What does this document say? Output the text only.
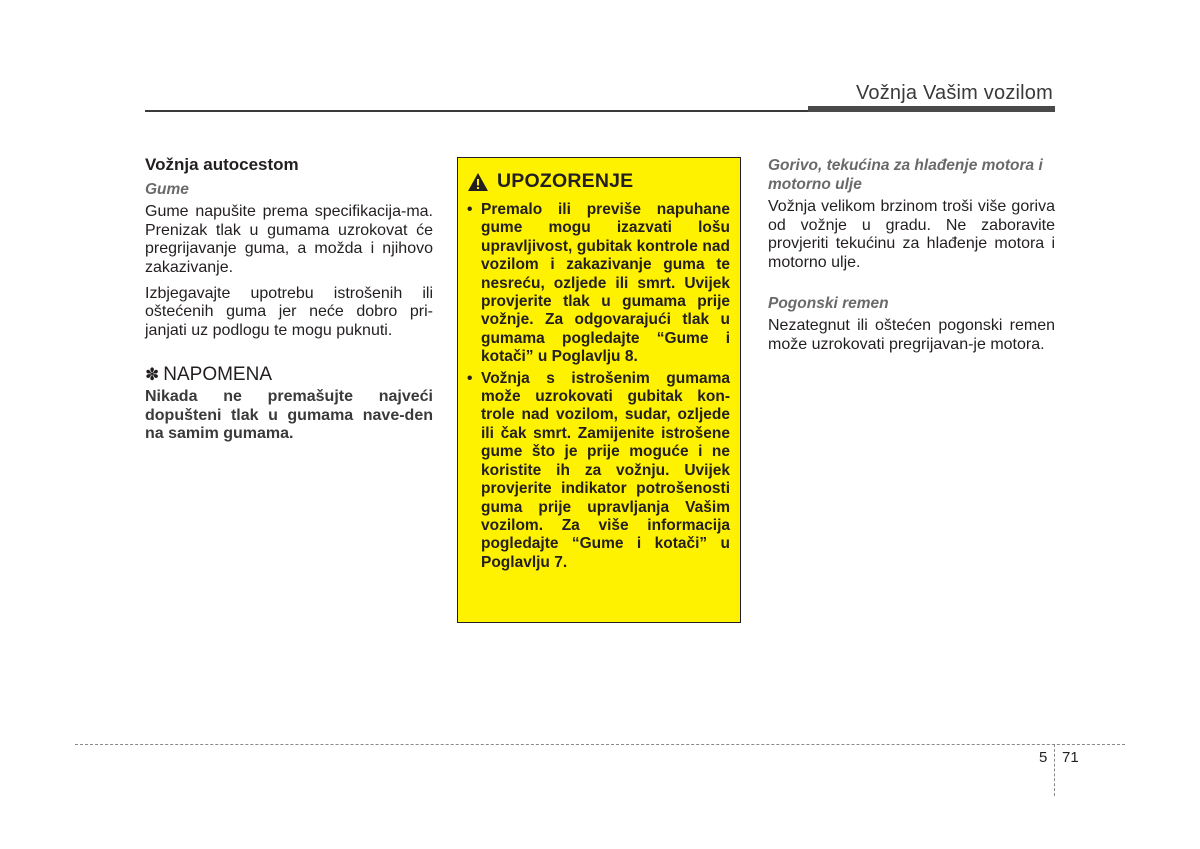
Vožnja Vašim vozilom
Vožnja autocestom
Gume

Gume napušite prema specifikacija-ma. Prenizak tlak u gumama uzrokovat će pregrijavanje guma, a možda i njihovo zakazivanje.

Izbjegavajte upotrebu istrošenih ili oštećenih guma jer neće dobro pri-janjati uz podlogu te mogu puknuti.

✽ NAPOMENA
Nikada ne premašujte najveći dopušteni tlak u gumama nave-den na samim gumama.
UPOZORENJE
• Premalo ili previše napuhane gume mogu izazvati lošu upravljivost, gubitak kontrole nad vozilom i zakazivanje guma te nesreću, ozljede ili smrt. Uvijek provjerite tlak u gumama prije vožnje. Za odgovarajući tlak u gumama pogledajte “Gume i kotači” u Poglavlju 8.
• Vožnja s istrošenim gumama može uzrokovati gubitak kon-trole nad vozilom, sudar, ozljede ili čak smrt. Zamijenite istrošene gume što je prije moguće i ne koristite ih za vožnju. Uvijek provjerite indikator potrošenosti guma prije upravljanja Vašim vozilom. Za više informacija pogledajte “Gume i kotači” u Poglavlju 7.
Gorivo, tekućina za hlađenje motora i motorno ulje

Vožnja velikom brzinom troši više goriva od vožnje u gradu. Ne zaboravite provjeriti tekućinu za hlađenje motora i motorno ulje.

Pogonski remen

Nezategnut ili oštećen pogonski remen može uzrokovati pregrijavan-je motora.

5 71
